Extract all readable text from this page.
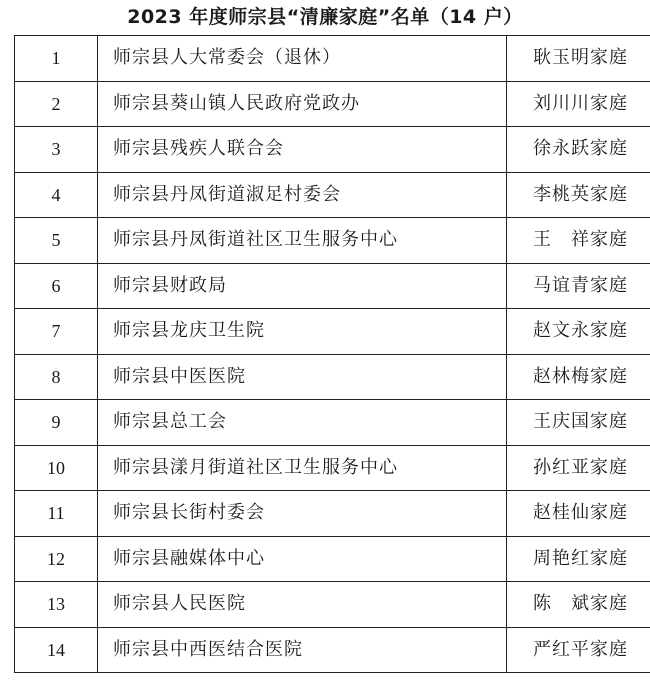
2023 年度师宗县“清廉家庭”名单（14 户）
1	师宗县人大常委会（退休）	耿玉明家庭
2	师宗县葵山镇人民政府党政办	刘川川家庭
3	师宗县残疾人联合会	徐永跃家庭
4	师宗县丹凤街道淑足村委会	李桃英家庭
5	师宗县丹凤街道社区卫生服务中心	王　祥家庭
6	师宗县财政局	马谊青家庭
7	师宗县龙庆卫生院	赵文永家庭
8	师宗县中医医院	赵林梅家庭
9	师宗县总工会	王庆国家庭
10	师宗县漾月街道社区卫生服务中心	孙红亚家庭
11	师宗县长街村委会	赵桂仙家庭
12	师宗县融媒体中心	周艳红家庭
13	师宗县人民医院	陈　斌家庭
14	师宗县中西医结合医院	严红平家庭
